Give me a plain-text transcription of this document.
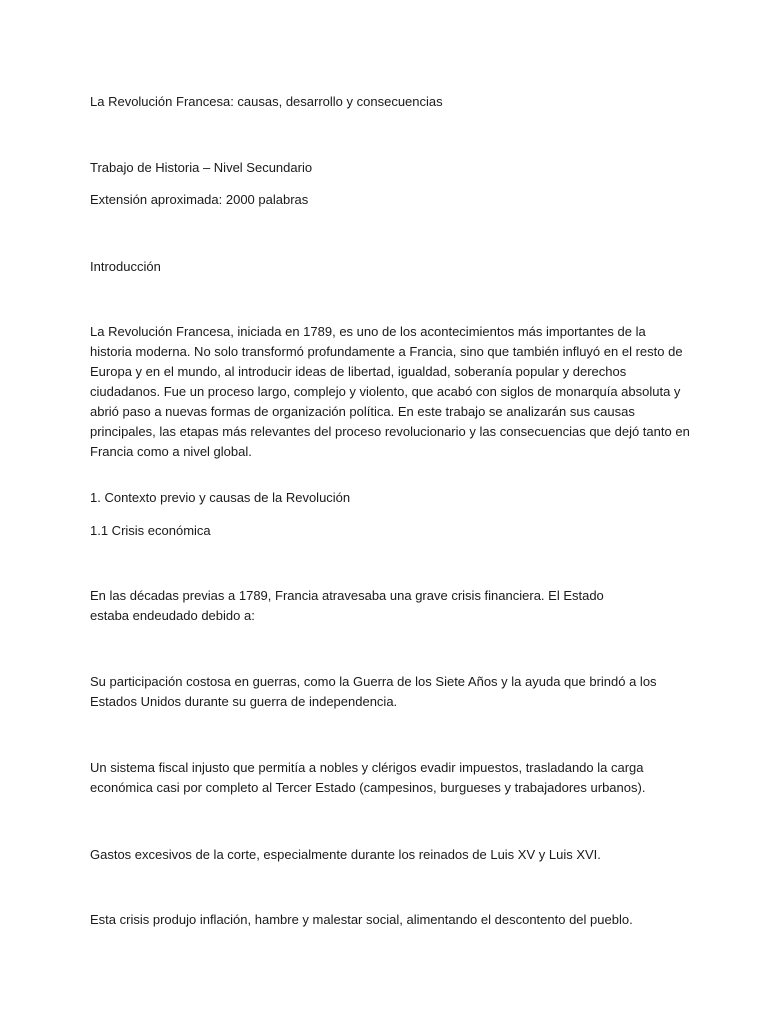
La Revolución Francesa: causas, desarrollo y consecuencias

Trabajo de Historia – Nivel Secundario

Extensión aproximada: 2000 palabras

Introducción

La Revolución Francesa, iniciada en 1789, es uno de los acontecimientos más importantes de la historia moderna. No solo transformó profundamente a Francia, sino que también influyó en el resto de Europa y en el mundo, al introducir ideas de libertad, igualdad, soberanía popular y derechos ciudadanos. Fue un proceso largo, complejo y violento, que acabó con siglos de monarquía absoluta y abrió paso a nuevas formas de organización política. En este trabajo se analizarán sus causas principales, las etapas más relevantes del proceso revolucionario y las consecuencias que dejó tanto en Francia como a nivel global.

1. Contexto previo y causas de la Revolución

1.1 Crisis económica

En las décadas previas a 1789, Francia atravesaba una grave crisis financiera. El Estado estaba endeudado debido a:

Su participación costosa en guerras, como la Guerra de los Siete Años y la ayuda que brindó a los Estados Unidos durante su guerra de independencia.

Un sistema fiscal injusto que permitía a nobles y clérigos evadir impuestos, trasladando la carga económica casi por completo al Tercer Estado (campesinos, burgueses y trabajadores urbanos).

Gastos excesivos de la corte, especialmente durante los reinados de Luis XV y Luis XVI.

Esta crisis produjo inflación, hambre y malestar social, alimentando el descontento del pueblo.
